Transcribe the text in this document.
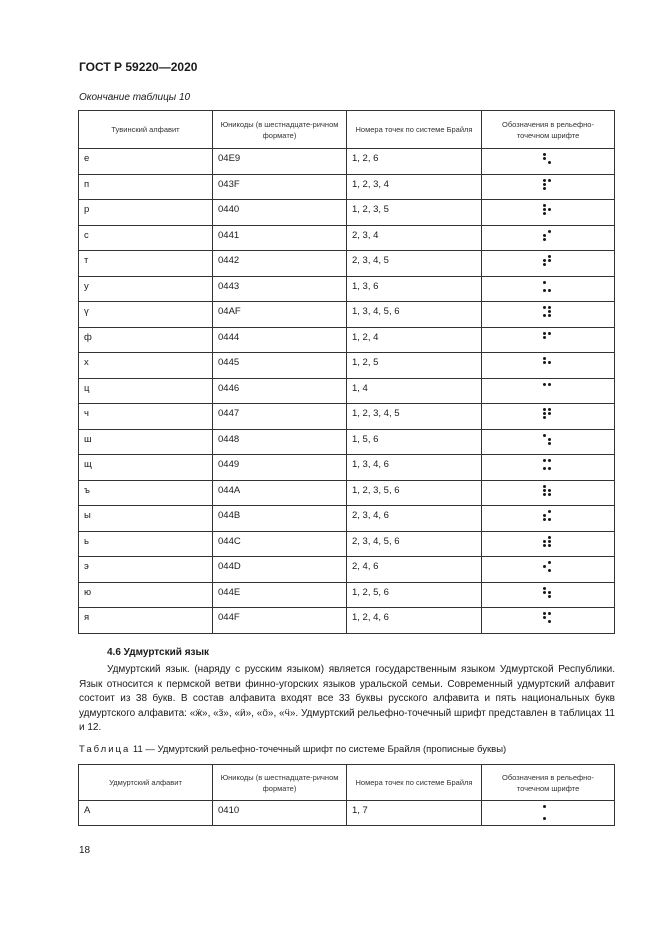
ГОСТ Р 59220—2020
Окончание таблицы 10
Тувинский алфавит	Юникоды (в шестнадцате-ричном формате)	Номера точек по системе Брайля	Обозначения в рельефно-точечном шрифте
е	04E9	1, 2, 6	

п	043F	1, 2, 3, 4	

р	0440	1, 2, 3, 5	

с	0441	2, 3, 4	

т	0442	2, 3, 4, 5	

у	0443	1, 3, 6	

ү	04AF	1, 3, 4, 5, 6	

ф	0444	1, 2, 4	

х	0445	1, 2, 5	

ц	0446	1, 4	

ч	0447	1, 2, 3, 4, 5	

ш	0448	1, 5, 6	

щ	0449	1, 3, 4, 6	

ъ	044A	1, 2, 3, 5, 6	

ы	044B	2, 3, 4, 6	

ь	044C	2, 3, 4, 5, 6	

э	044D	2, 4, 6	

ю	044E	1, 2, 5, 6	

я	044F	1, 2, 4, 6	
4.6 Удмуртский язык

Удмуртский язык. (наряду с русским языком) является государственным языком Удмуртской Республики. Язык относится к пермской ветви финно-угорских языков уральской семьи. Современный удмуртский алфавит состоит из 38 букв. В состав алфавита входят все 33 буквы русского алфавита и пять национальных букв удмуртского алфавита: «ӝ», «ӟ», «ӥ», «ӧ», «ӵ». Удмуртский рельефно-точечный шрифт представлен в таблицах 11 и 12.

Таблица 11 — Удмуртский рельефно-точечный шрифт по системе Брайля (прописные буквы)
Удмуртский алфавит	Юникоды (в шестнадцате-ричном формате)	Номера точек по системе Брайля	Обозначения в рельефно-точечном шрифте
А	0410	1, 7	
18
